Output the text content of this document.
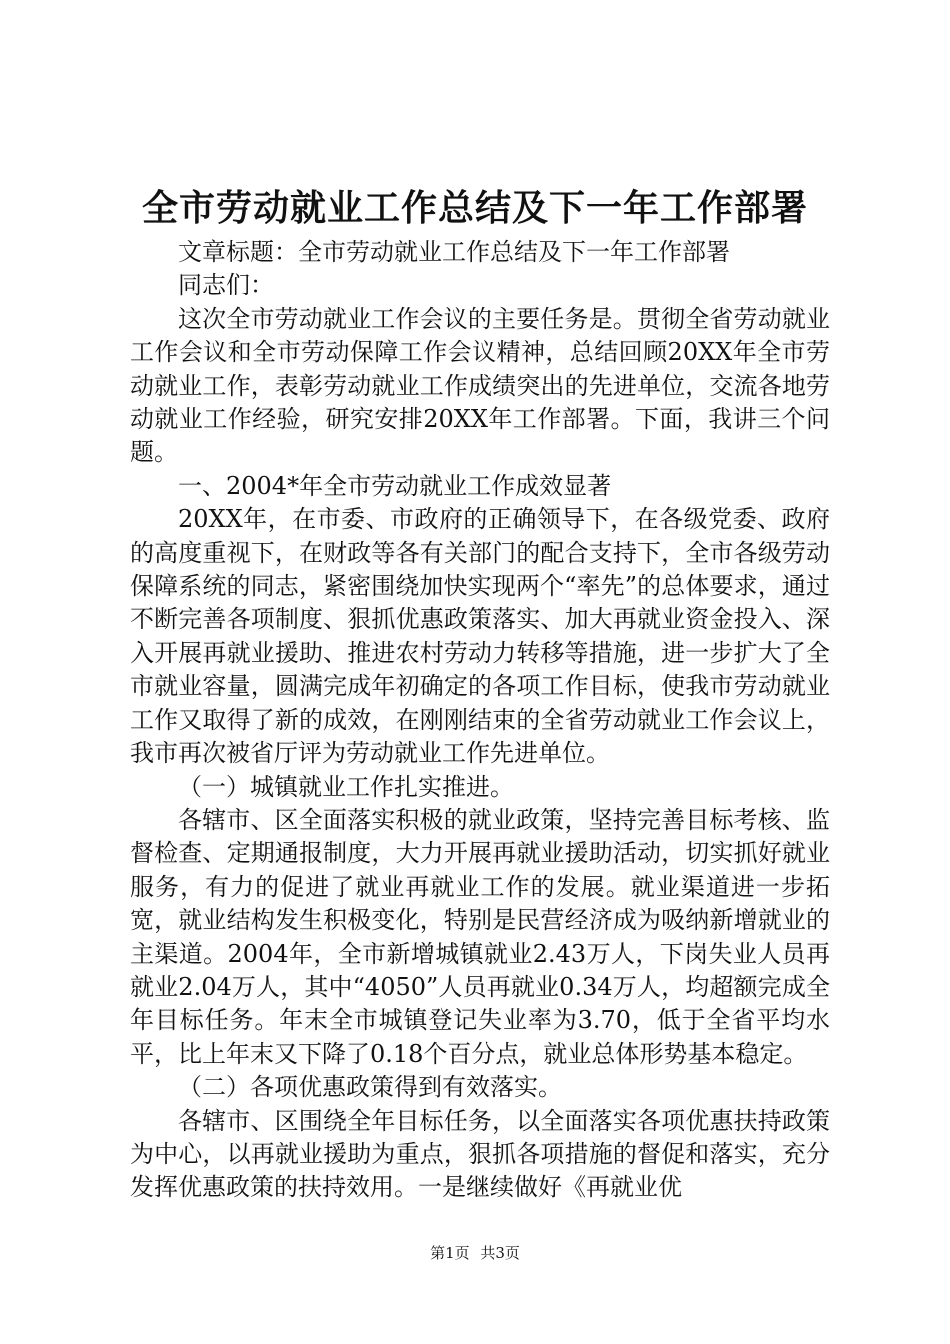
全市劳动就业工作总结及下一年工作部署

文章标题：全市劳动就业工作总结及下一年工作部署

同志们：

这次全市劳动就业工作会议的主要任务是。贯彻全省劳动就业工作会议和全市劳动保障工作会议精神，总结回顾20XX年全市劳动就业工作，表彰劳动就业工作成绩突出的先进单位，交流各地劳动就业工作经验，研究安排20XX年工作部署。下面，我讲三个问题。

一、2004*年全市劳动就业工作成效显著

20XX年，在市委、市政府的正确领导下，在各级党委、政府的高度重视下，在财政等各有关部门的配合支持下，全市各级劳动保障系统的同志，紧密围绕加快实现两个“率先”的总体要求，通过不断完善各项制度、狠抓优惠政策落实、加大再就业资金投入、深入开展再就业援助、推进农村劳动力转移等措施，进一步扩大了全市就业容量，圆满完成年初确定的各项工作目标，使我市劳动就业工作又取得了新的成效，在刚刚结束的全省劳动就业工作会议上，我市再次被省厅评为劳动就业工作先进单位。

（一）城镇就业工作扎实推进。

各辖市、区全面落实积极的就业政策，坚持完善目标考核、监督检查、定期通报制度，大力开展再就业援助活动，切实抓好就业服务，有力的促进了就业再就业工作的发展。就业渠道进一步拓宽，就业结构发生积极变化，特别是民营经济成为吸纳新增就业的主渠道。2004年，全市新增城镇就业2.43万人，下岗失业人员再就业2.04万人，其中“4050”人员再就业0.34万人，均超额完成全年目标任务。年末全市城镇登记失业率为3.70，低于全省平均水平，比上年末又下降了0.18个百分点，就业总体形势基本稳定。

（二）各项优惠政策得到有效落实。

各辖市、区围绕全年目标任务，以全面落实各项优惠扶持政策为中心，以再就业援助为重点，狠抓各项措施的督促和落实，充分发挥优惠政策的扶持效用。一是继续做好《再就业优

第1页 共3页
